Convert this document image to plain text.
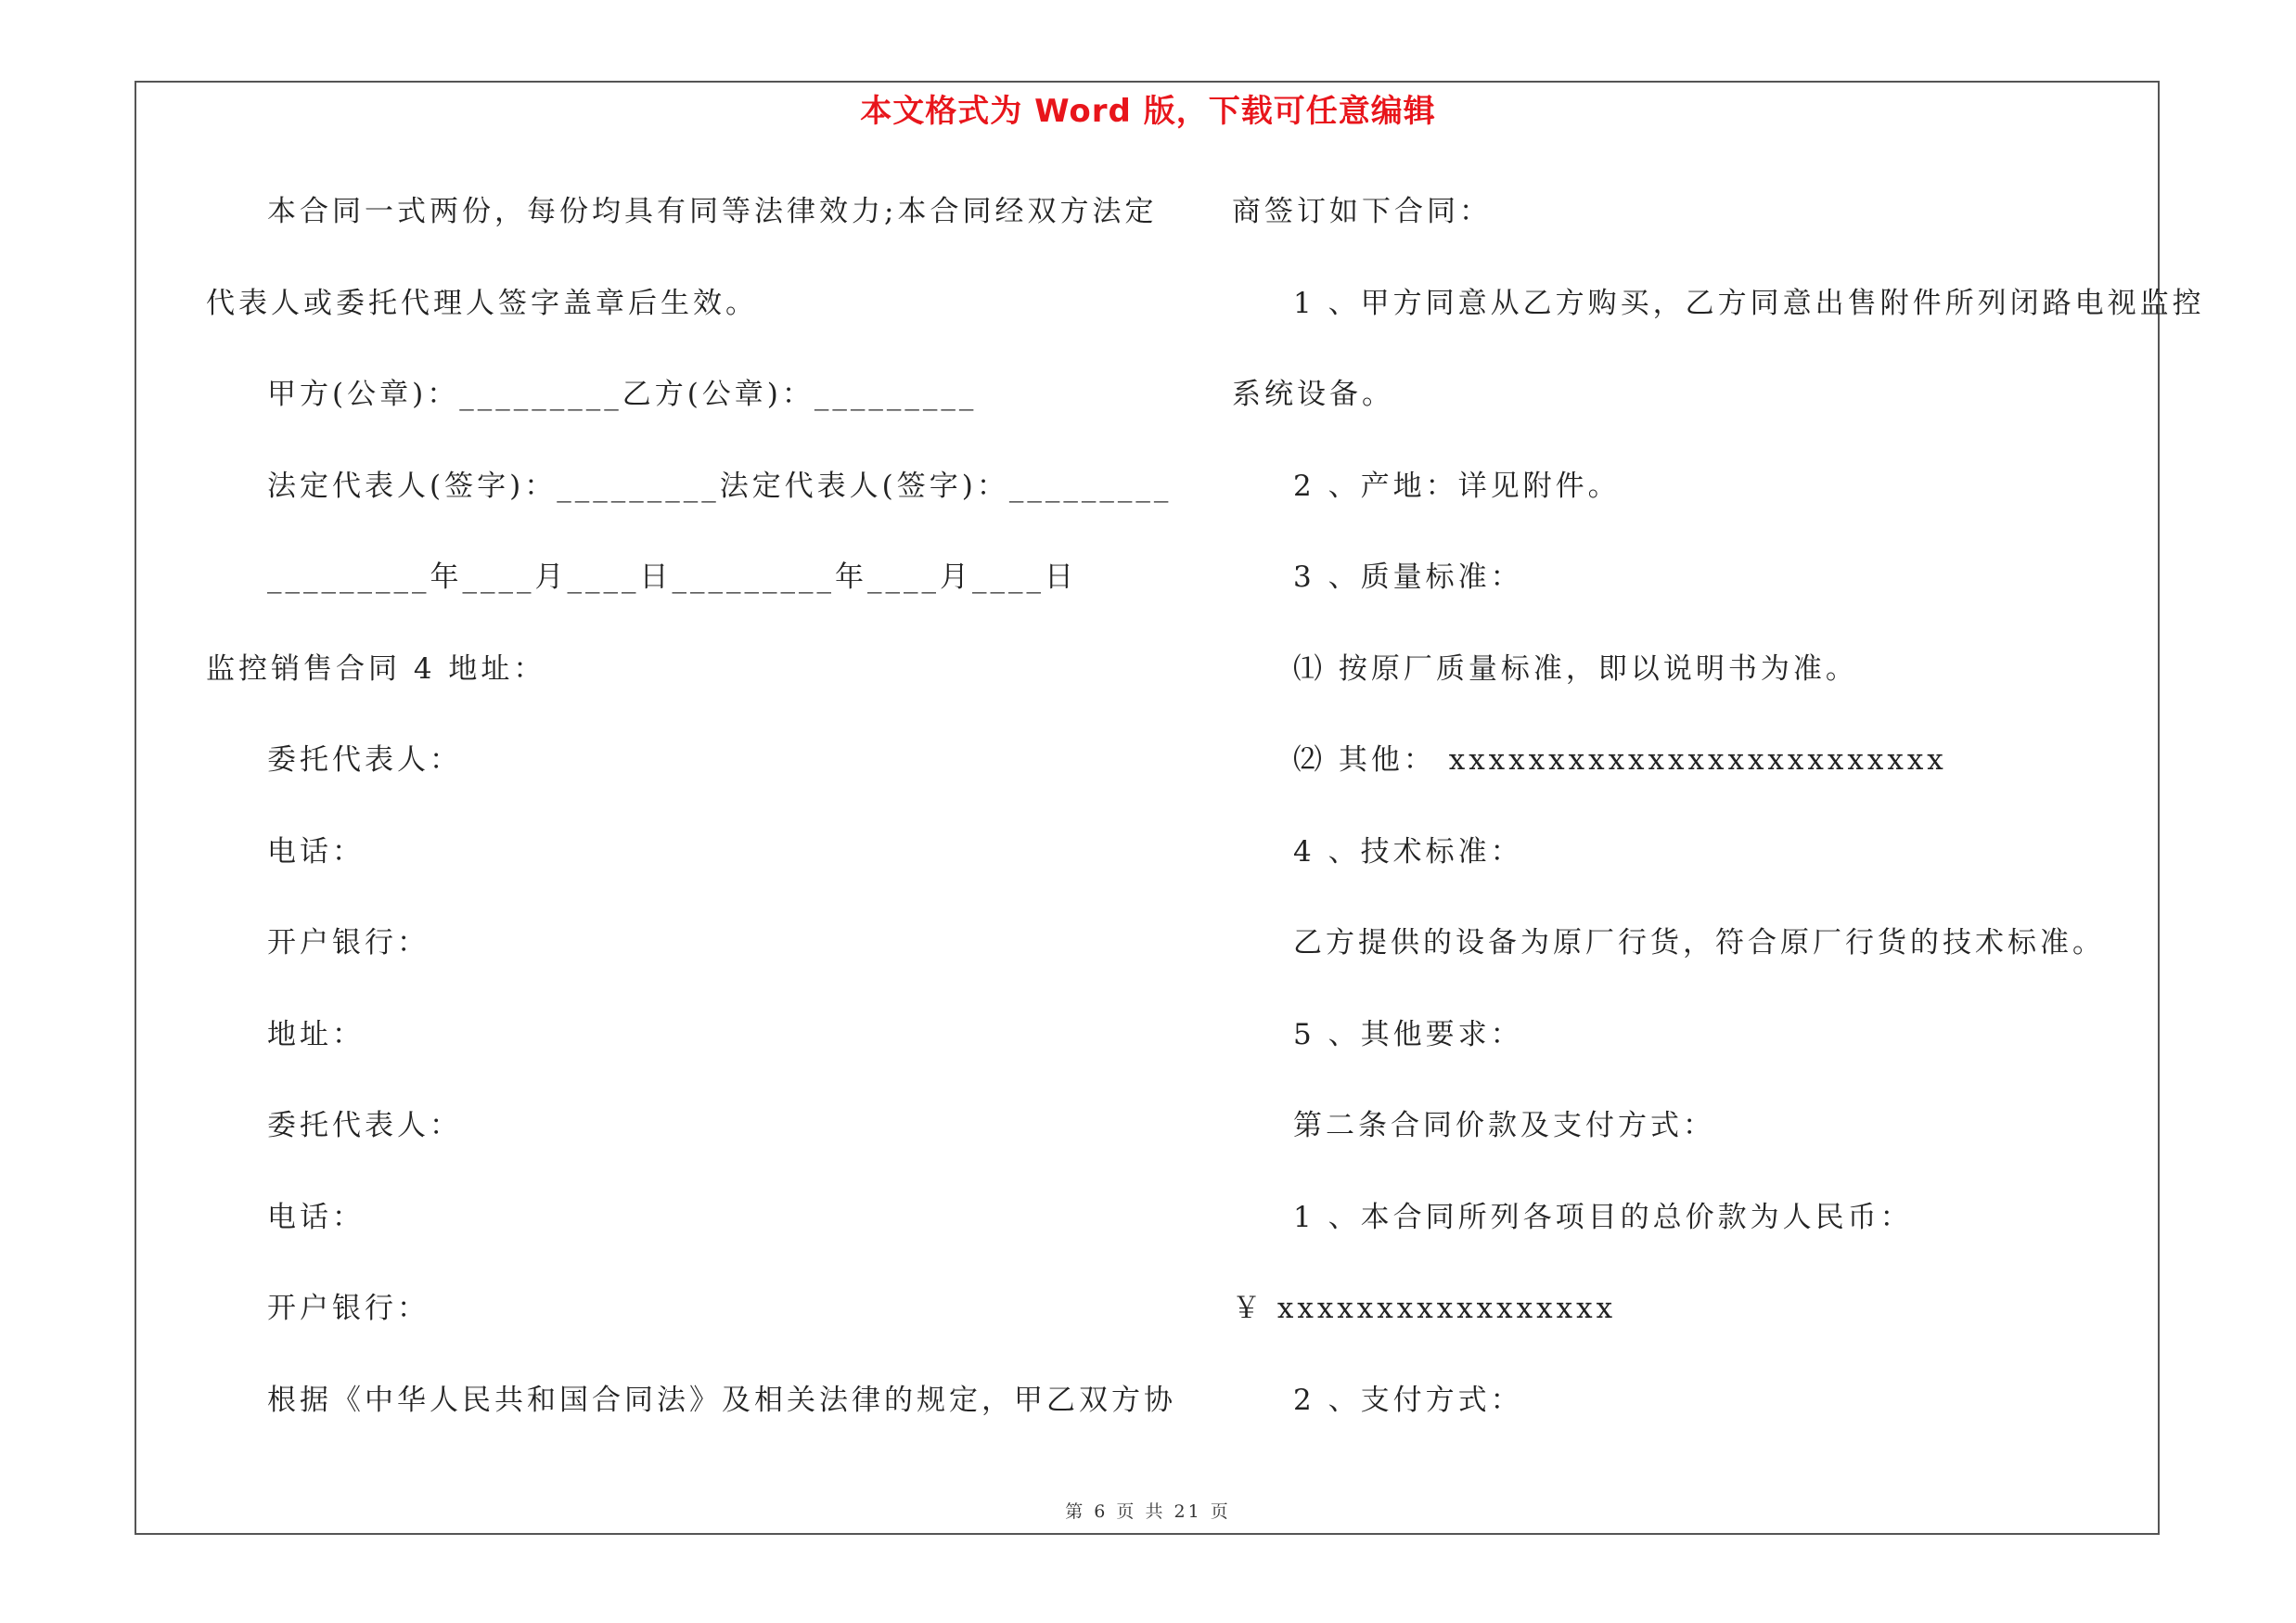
本文格式为 Word 版，下载可任意编辑
本合同一式两份，每份均具有同等法律效力;本合同经双方法定
代表人或委托代理人签字盖章后生效。
甲方(公章)：_________乙方(公章)：_________
法定代表人(签字)：_________法定代表人(签字)：_________
_________年____月____日_________年____月____日
监控销售合同 4 地址：
委托代表人：
电话：
开户银行：
地址：
委托代表人：
电话：
开户银行：
根据《中华人民共和国合同法》及相关法律的规定，甲乙双方协
商签订如下合同：
1 、甲方同意从乙方购买，乙方同意出售附件所列闭路电视监控
系统设备。
2 、产地：详见附件。
3 、质量标准：
⑴ 按原厂质量标准，即以说明书为准。
⑵ 其他： xxxxxxxxxxxxxxxxxxxxxxxxx
4 、技术标准：
乙方提供的设备为原厂行货，符合原厂行货的技术标准。
5 、其他要求：
第二条合同价款及支付方式：
1 、本合同所列各项目的总价款为人民币：
￥ xxxxxxxxxxxxxxxxx
2 、支付方式：
第 6 页 共 21 页
